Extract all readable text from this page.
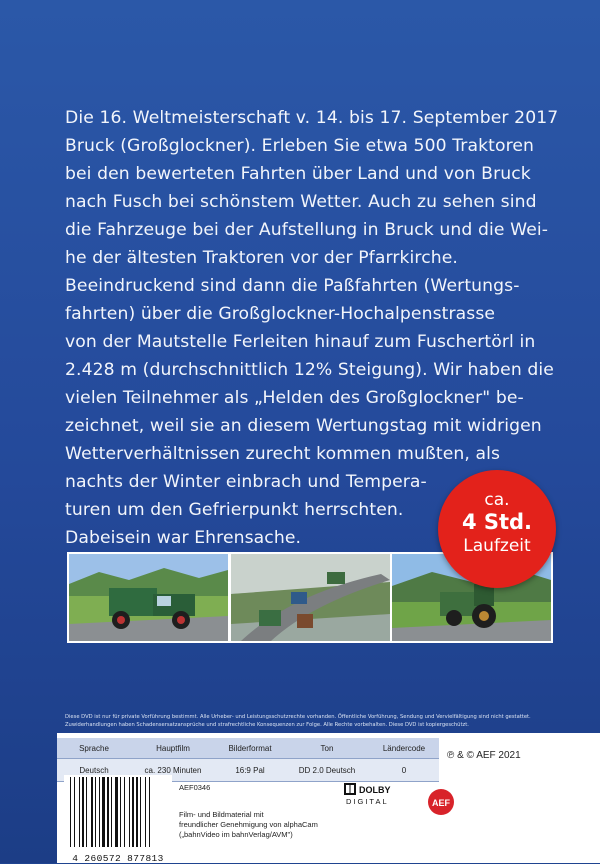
Die 16. Weltmeisterschaft v. 14. bis 17. September 2017
Bruck (Großglockner). Erleben Sie etwa 500 Traktoren
bei den bewerteten Fahrten über Land und von Bruck
nach Fusch bei schönstem Wetter. Auch zu sehen sind
die Fahrzeuge bei der Aufstellung in Bruck und die Wei-
he der ältesten Traktoren vor der Pfarrkirche.
Beeindruckend sind dann die Paßfahrten (Wertungs-
fahrten) über die Großglockner-Hochalpenstrasse
von der Mautstelle Ferleiten hinauf zum Fuschertörl in
2.428 m (durchschnittlich 12% Steigung). Wir haben die
vielen Teilnehmer als „Helden des Großglockner" be-
zeichnet, weil sie an diesem Wertungstag mit widrigen
Wetterverhältnissen zurecht kommen mußten, als
nachts der Winter einbrach und Tempera-
turen um den Gefrierpunkt herrschten.
Dabeisein war Ehrensache.
ca.
4 Std.
Laufzeit
Diese DVD ist nur für private Vorführung bestimmt. Alle Urheber- und Leistungsschutzrechte vorhanden. Öffentliche Vorführung, Sendung und Vervielfältigung sind nicht gestattet.
Zuwiderhandlungen haben Schadensersatzansprüche und strafrechtliche Konsequenzen zur Folge. Alle Rechte vorbehalten. Diese DVD ist kopiergeschützt.
Sprache	Hauptfilm	Bilderformat	Ton	Ländercode
Deutsch	ca. 230 Minuten	16:9 Pal	DD 2.0 Deutsch	0
℗ & © AEF 2021
4 260572 877813
AEF0346
Film- und Bildmaterial mit
freundlicher Genehmigung von alphaCam
(„bahnVideo im bahnVerlag/AVM")
DOLBY
DIGITAL	AEF
